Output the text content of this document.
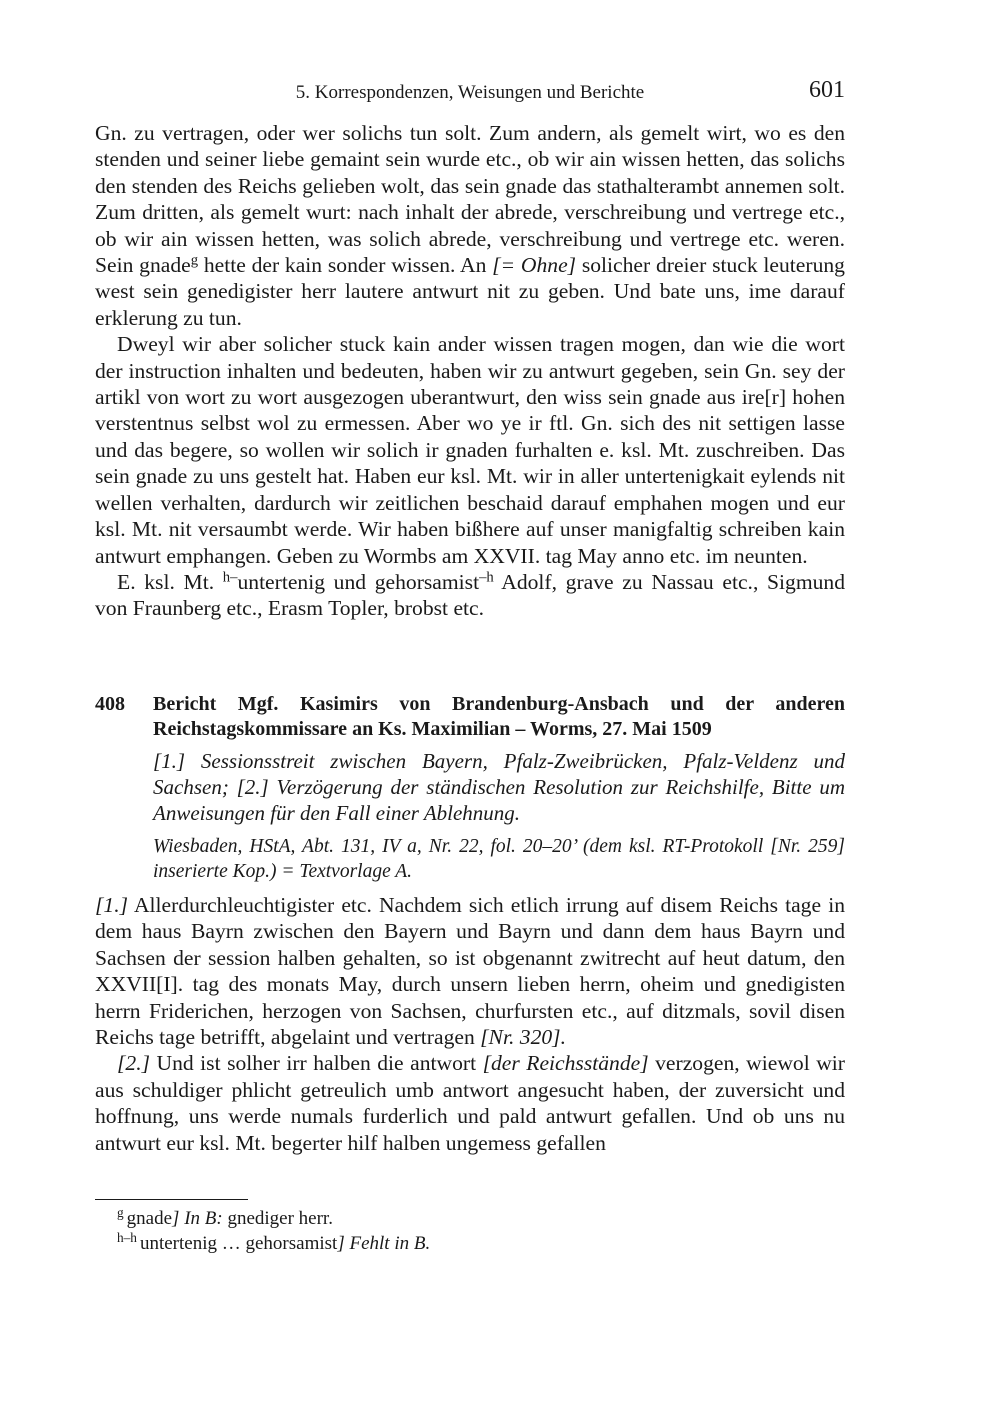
5. Korrespondenzen, Weisungen und Berichte	601

Gn. zu vertragen, oder wer solichs tun solt. Zum andern, als gemelt wirt, wo es den stenden und seiner liebe gemaint sein wurde etc., ob wir ain wissen hetten, das solichs den stenden des Reichs gelieben wolt, das sein gnade das stathalterambt annemen solt. Zum dritten, als gemelt wurt: nach inhalt der abrede, verschreibung und vertrege etc., ob wir ain wissen hetten, was solich abrede, verschreibung und vertrege etc. weren. Sein gnade$^g$ hette der kain sonder wissen. An [= Ohne] solicher dreier stuck leuterung west sein genedigister herr lautere antwurt nit zu geben. Und bate uns, ime darauf erklerung zu tun.

Dweyl wir aber solicher stuck kain ander wissen tragen mogen, dan wie die wort der instruction inhalten und bedeuten, haben wir zu antwurt gegeben, sein Gn. sey der artikl von wort zu wort ausgezogen uberantwurt, den wiss sein gnade aus ire[r] hohen verstentnus selbst wol zu ermessen. Aber wo ye ir ftl. Gn. sich des nit settigen lasse und das begere, so wollen wir solich ir gnaden furhalten e. ksl. Mt. zuschreiben. Das sein gnade zu uns gestelt hat. Haben eur ksl. Mt. wir in aller untertenigkait eylends nit wellen verhalten, dardurch wir zeitlichen beschaid darauf emphahen mogen und eur ksl. Mt. nit versaumbt werde. Wir haben bißhere auf unser manigfaltig schreiben kain antwurt emphangen. Geben zu Wormbs am XXVII. tag May anno etc. im neunten.

E. ksl. Mt. $^{h-}$untertenig und gehorsamist$^{-h}$ Adolf, grave zu Nassau etc., Sigmund von Fraunberg etc., Erasm Topler, brobst etc.

408 Bericht Mgf. Kasimirs von Brandenburg-Ansbach und der anderen Reichstagskommissare an Ks. Maximilian – Worms, 27. Mai 1509
[1.] Sessionsstreit zwischen Bayern, Pfalz-Zweibrücken, Pfalz-Veldenz und Sachsen; [2.] Verzögerung der ständischen Resolution zur Reichshilfe, Bitte um Anweisungen für den Fall einer Ablehnung.
Wiesbaden, HStA, Abt. 131, IV a, Nr. 22, fol. 20–20’ (dem ksl. RT-Protokoll [Nr. 259] inserierte Kop.) = Textvorlage A.

[1.] Allerdurchleuchtigister etc. Nachdem sich etlich irrung auf disem Reichs tage in dem haus Bayrn zwischen den Bayern und Bayrn und dann dem haus Bayrn und Sachsen der session halben gehalten, so ist obgenannt zwitrecht auf heut datum, den XXVII[I]. tag des monats May, durch unsern lieben herrn, oheim und gnedigisten herrn Friderichen, herzogen von Sachsen, churfursten etc., auf ditzmals, sovil disen Reichs tage betrifft, abgelaint und vertragen [Nr. 320].

[2.] Und ist solher irr halben die antwort [der Reichsstände] verzogen, wiewol wir aus schuldiger phlicht getreulich umb antwort angesucht haben, der zuversicht und hoffnung, uns werde numals furderlich und pald antwurt gefallen. Und ob uns nu antwurt eur ksl. Mt. begerter hilf halben ungemess gefallen

$^g$ gnade] In B: gnediger herr.

$^{h-h}$ untertenig … gehorsamist] Fehlt in B.
